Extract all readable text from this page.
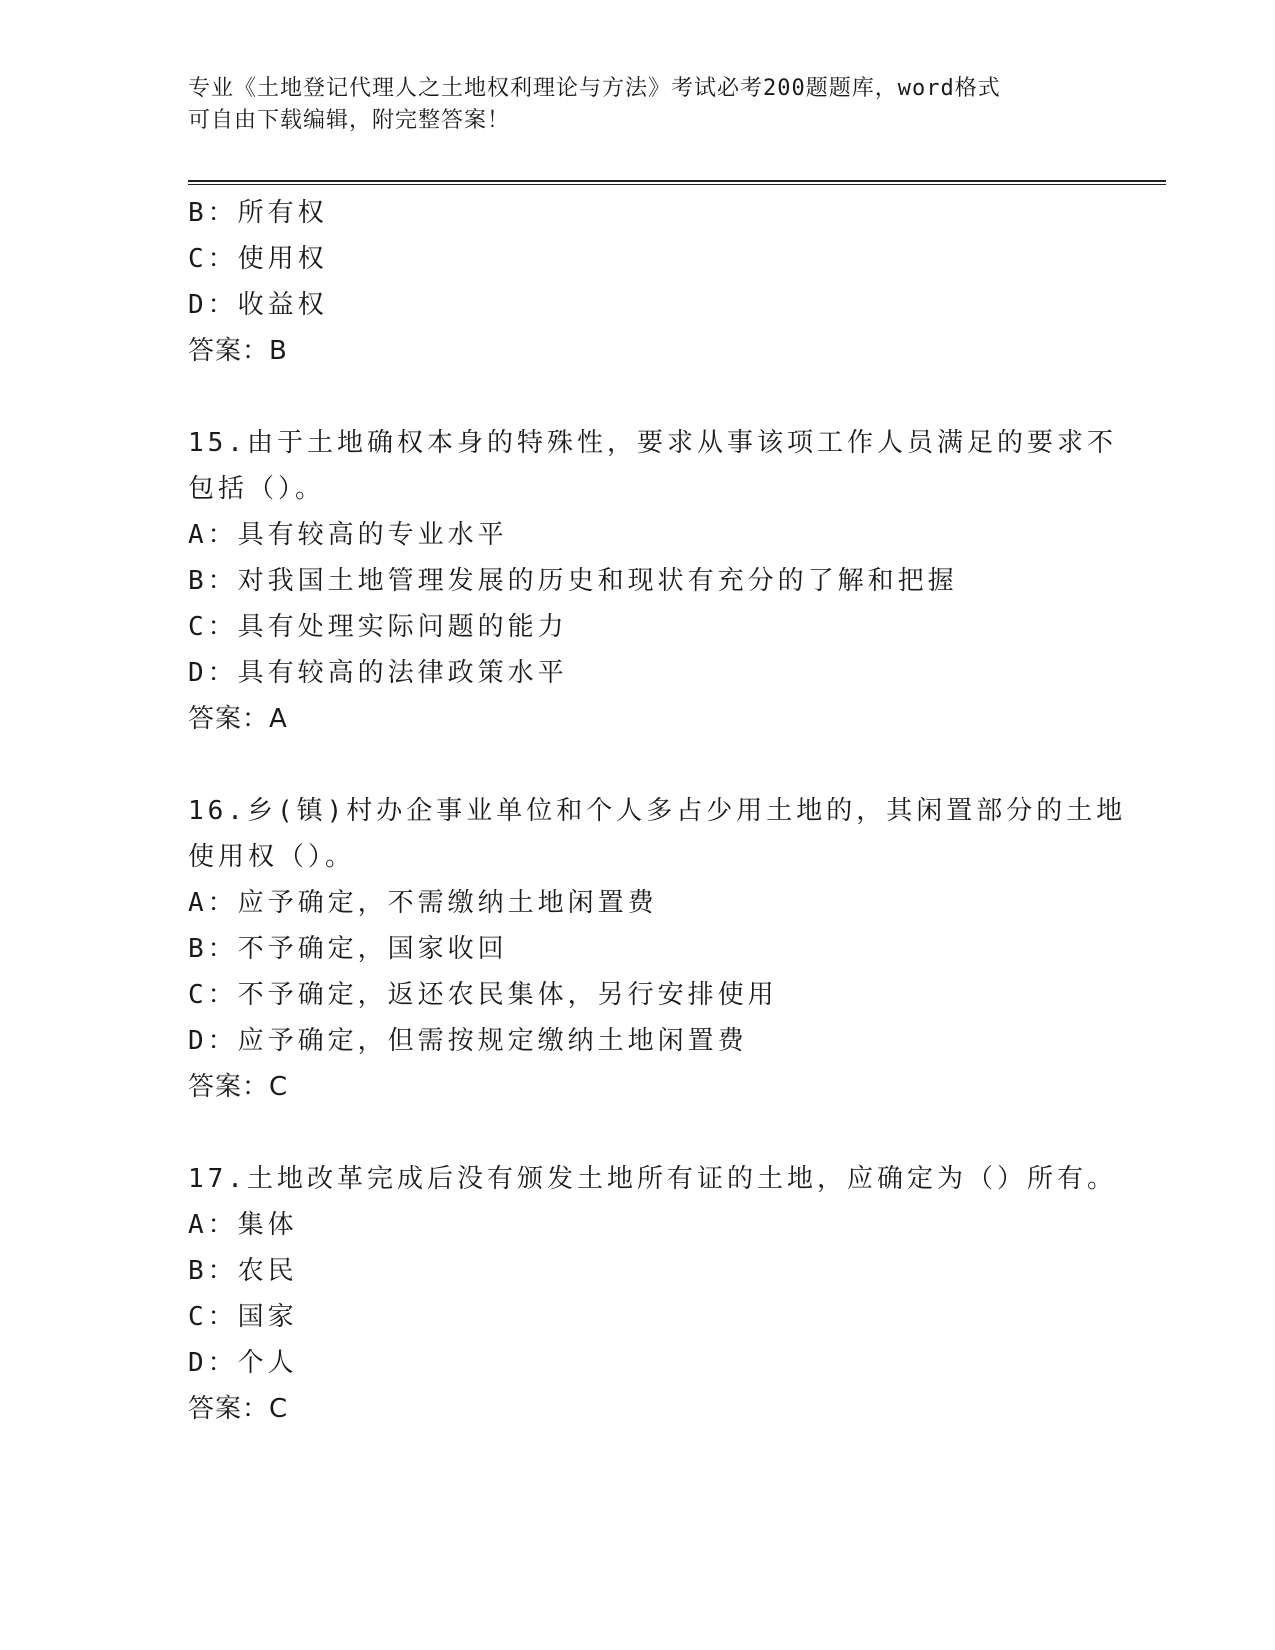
专业《土地登记代理人之土地权利理论与方法》考试必考200题题库，word格式
可自由下载编辑，附完整答案！
B：所有权
C：使用权
D：收益权
答案：B
15.由于土地确权本身的特殊性，要求从事该项工作人员满足的要求不
包括（）。
A：具有较高的专业水平
B：对我国土地管理发展的历史和现状有充分的了解和把握
C：具有处理实际问题的能力
D：具有较高的法律政策水平
答案：A
16.乡(镇)村办企事业单位和个人多占少用土地的，其闲置部分的土地
使用权（）。
A：应予确定，不需缴纳土地闲置费
B：不予确定，国家收回
C：不予确定，返还农民集体，另行安排使用
D：应予确定，但需按规定缴纳土地闲置费
答案：C
17.土地改革完成后没有颁发土地所有证的土地，应确定为（）所有。
A：集体
B：农民
C：国家
D：个人
答案：C
